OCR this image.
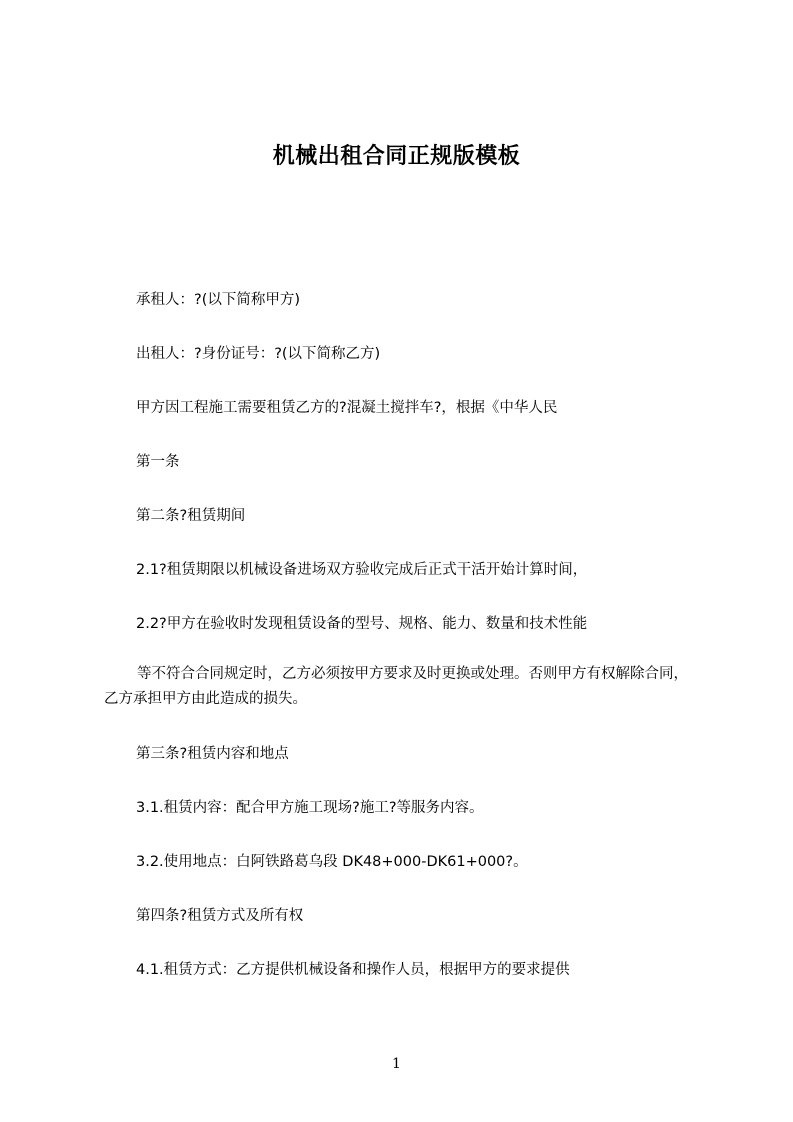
机械出租合同正规版模板
承租人：?(以下简称甲方)
出租人：?身份证号：?(以下简称乙方)
甲方因工程施工需要租赁乙方的?混凝土搅拌车?，根据《中华人民
第一条
第二条?租赁期间
2.1?租赁期限以机械设备进场双方验收完成后正式干活开始计算时间，
2.2?甲方在验收时发现租赁设备的型号、规格、能力、数量和技术性能
等不符合合同规定时，乙方必须按甲方要求及时更换或处理。否则甲方有权解除合同，乙方承担甲方由此造成的损失。
第三条?租赁内容和地点
3.1.租赁内容：配合甲方施工现场?施工?等服务内容。
3.2.使用地点：白阿铁路葛乌段 DK48+000-DK61+000?。
第四条?租赁方式及所有权
4.1.租赁方式：乙方提供机械设备和操作人员，根据甲方的要求提供
1
